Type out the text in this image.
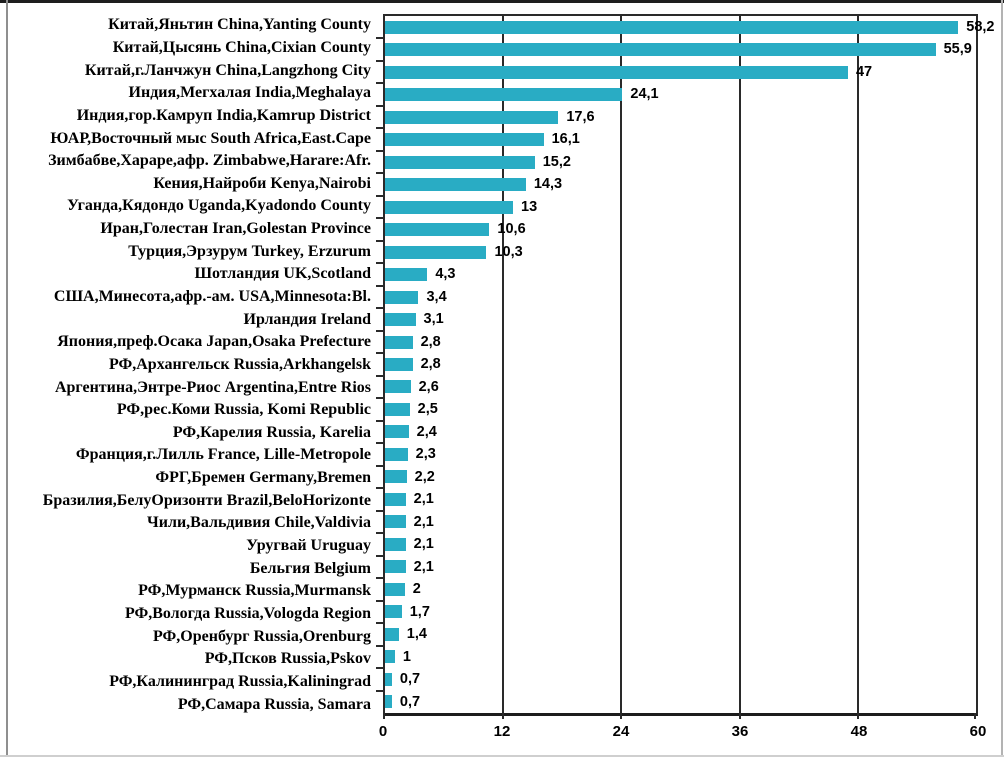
Китай,Яньтин China,Yanting County
Китай,Цысянь China,Cixian County
Китай,г.Ланчжун China,Langzhong City
Индия,Мегхалая India,Meghalaya
Индия,гор.Камруп India,Kamrup District
ЮАР,Восточный мыс South Africa,East.Cape
Зимбабве,Хараре,афр. Zimbabwe,Harare:Afr.
Кения,Найроби Kenya,Nairobi
Уганда,Кядондо Uganda,Kyadondo County
Иран,Голестан Iran,Golestan Province
Турция,Эрзурум Turkey, Erzurum
Шотландия UK,Scotland
США,Минесота,афр.-ам. USA,Minnesota:Bl.
Ирландия Ireland
Япония,преф.Осака Japan,Osaka Prefecture
РФ,Архангельск Russia,Arkhangelsk
Аргентина,Энтре-Риос Argentina,Entre Rios
РФ,рес.Коми Russia, Komi Republic
РФ,Карелия Russia, Karelia
Франция,г.Лилль France, Lille-Metropole
ФРГ,Бремен Germany,Bremen
Бразилия,БелуОризонти Brazil,BeloHorizonte
Чили,Вальдивия Chile,Valdivia
Уругвай Uruguay
Бельгия Belgium
РФ,Мурманск Russia,Murmansk
РФ,Вологда Russia,Vologda Region
РФ,Оренбург Russia,Orenburg
РФ,Псков Russia,Pskov
РФ,Калининград Russia,Kaliningrad
РФ,Самара Russia, Samara
58,2
55,9
47
24,1
17,6
16,1
15,2
14,3
13
10,6
10,3
4,3
3,4
3,1
2,8
2,8
2,6
2,5
2,4
2,3
2,2
2,1
2,1
2,1
2,1
2
1,7
1,4
1
0,7
0,7
0	12	24	36	48	60
